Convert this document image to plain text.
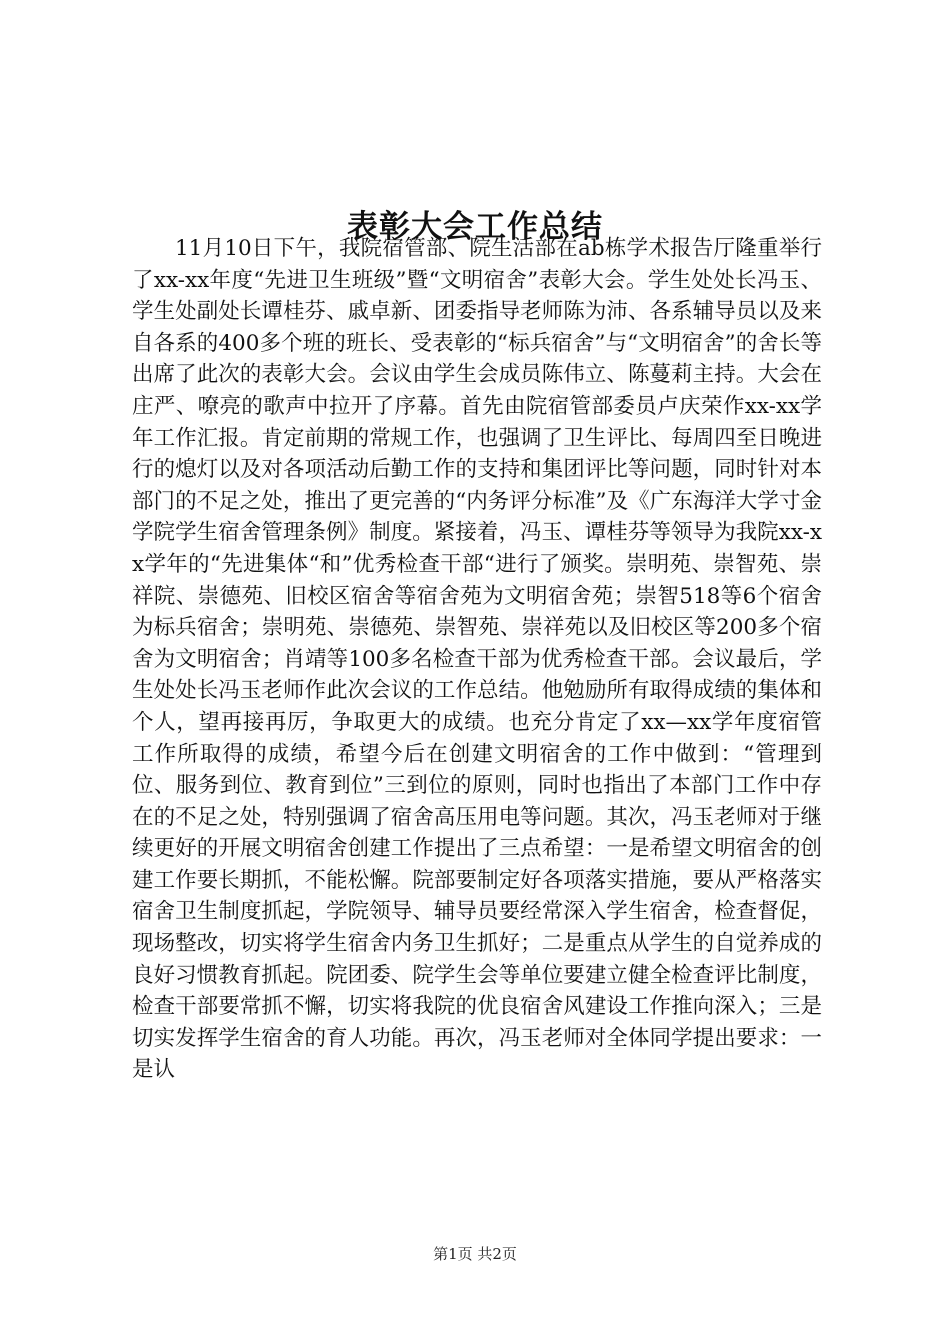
表彰大会工作总结

11月10日下午，我院宿管部、院生活部在ab栋学术报告厅隆重举行了xx-xx年度“先进卫生班级”暨“文明宿舍”表彰大会。学生处处长冯玉、学生处副处长谭桂芬、戚卓新、团委指导老师陈为沛、各系辅导员以及来自各系的400多个班的班长、受表彰的“标兵宿舍”与“文明宿舍”的舍长等出席了此次的表彰大会。会议由学生会成员陈伟立、陈蔓莉主持。大会在庄严、嘹亮的歌声中拉开了序幕。首先由院宿管部委员卢庆荣作xx-xx学年工作汇报。肯定前期的常规工作，也强调了卫生评比、每周四至日晚进行的熄灯以及对各项活动后勤工作的支持和集团评比等问题，同时针对本部门的不足之处，推出了更完善的“内务评分标准”及《广东海洋大学寸金学院学生宿舍管理条例》制度。紧接着，冯玉、谭桂芬等领导为我院xx-xx学年的“先进集体“和”优秀检查干部“进行了颁奖。崇明苑、崇智苑、崇祥院、崇德苑、旧校区宿舍等宿舍苑为文明宿舍苑；崇智518等6个宿舍为标兵宿舍；崇明苑、崇德苑、崇智苑、崇祥苑以及旧校区等200多个宿舍为文明宿舍；肖靖等100多名检查干部为优秀检查干部。会议最后，学生处处长冯玉老师作此次会议的工作总结。他勉励所有取得成绩的集体和个人，望再接再厉，争取更大的成绩。也充分肯定了xx—xx学年度宿管工作所取得的成绩，希望今后在创建文明宿舍的工作中做到：“管理到位、服务到位、教育到位”三到位的原则，同时也指出了本部门工作中存在的不足之处，特别强调了宿舍高压用电等问题。其次，冯玉老师对于继续更好的开展文明宿舍创建工作提出了三点希望：一是希望文明宿舍的创建工作要长期抓，不能松懈。院部要制定好各项落实措施，要从严格落实宿舍卫生制度抓起，学院领导、辅导员要经常深入学生宿舍，检查督促，现场整改，切实将学生宿舍内务卫生抓好；二是重点从学生的自觉养成的良好习惯教育抓起。院团委、院学生会等单位要建立健全检查评比制度，检查干部要常抓不懈，切实将我院的优良宿舍风建设工作推向深入；三是切实发挥学生宿舍的育人功能。再次，冯玉老师对全体同学提出要求：一是认

第1页 共2页
